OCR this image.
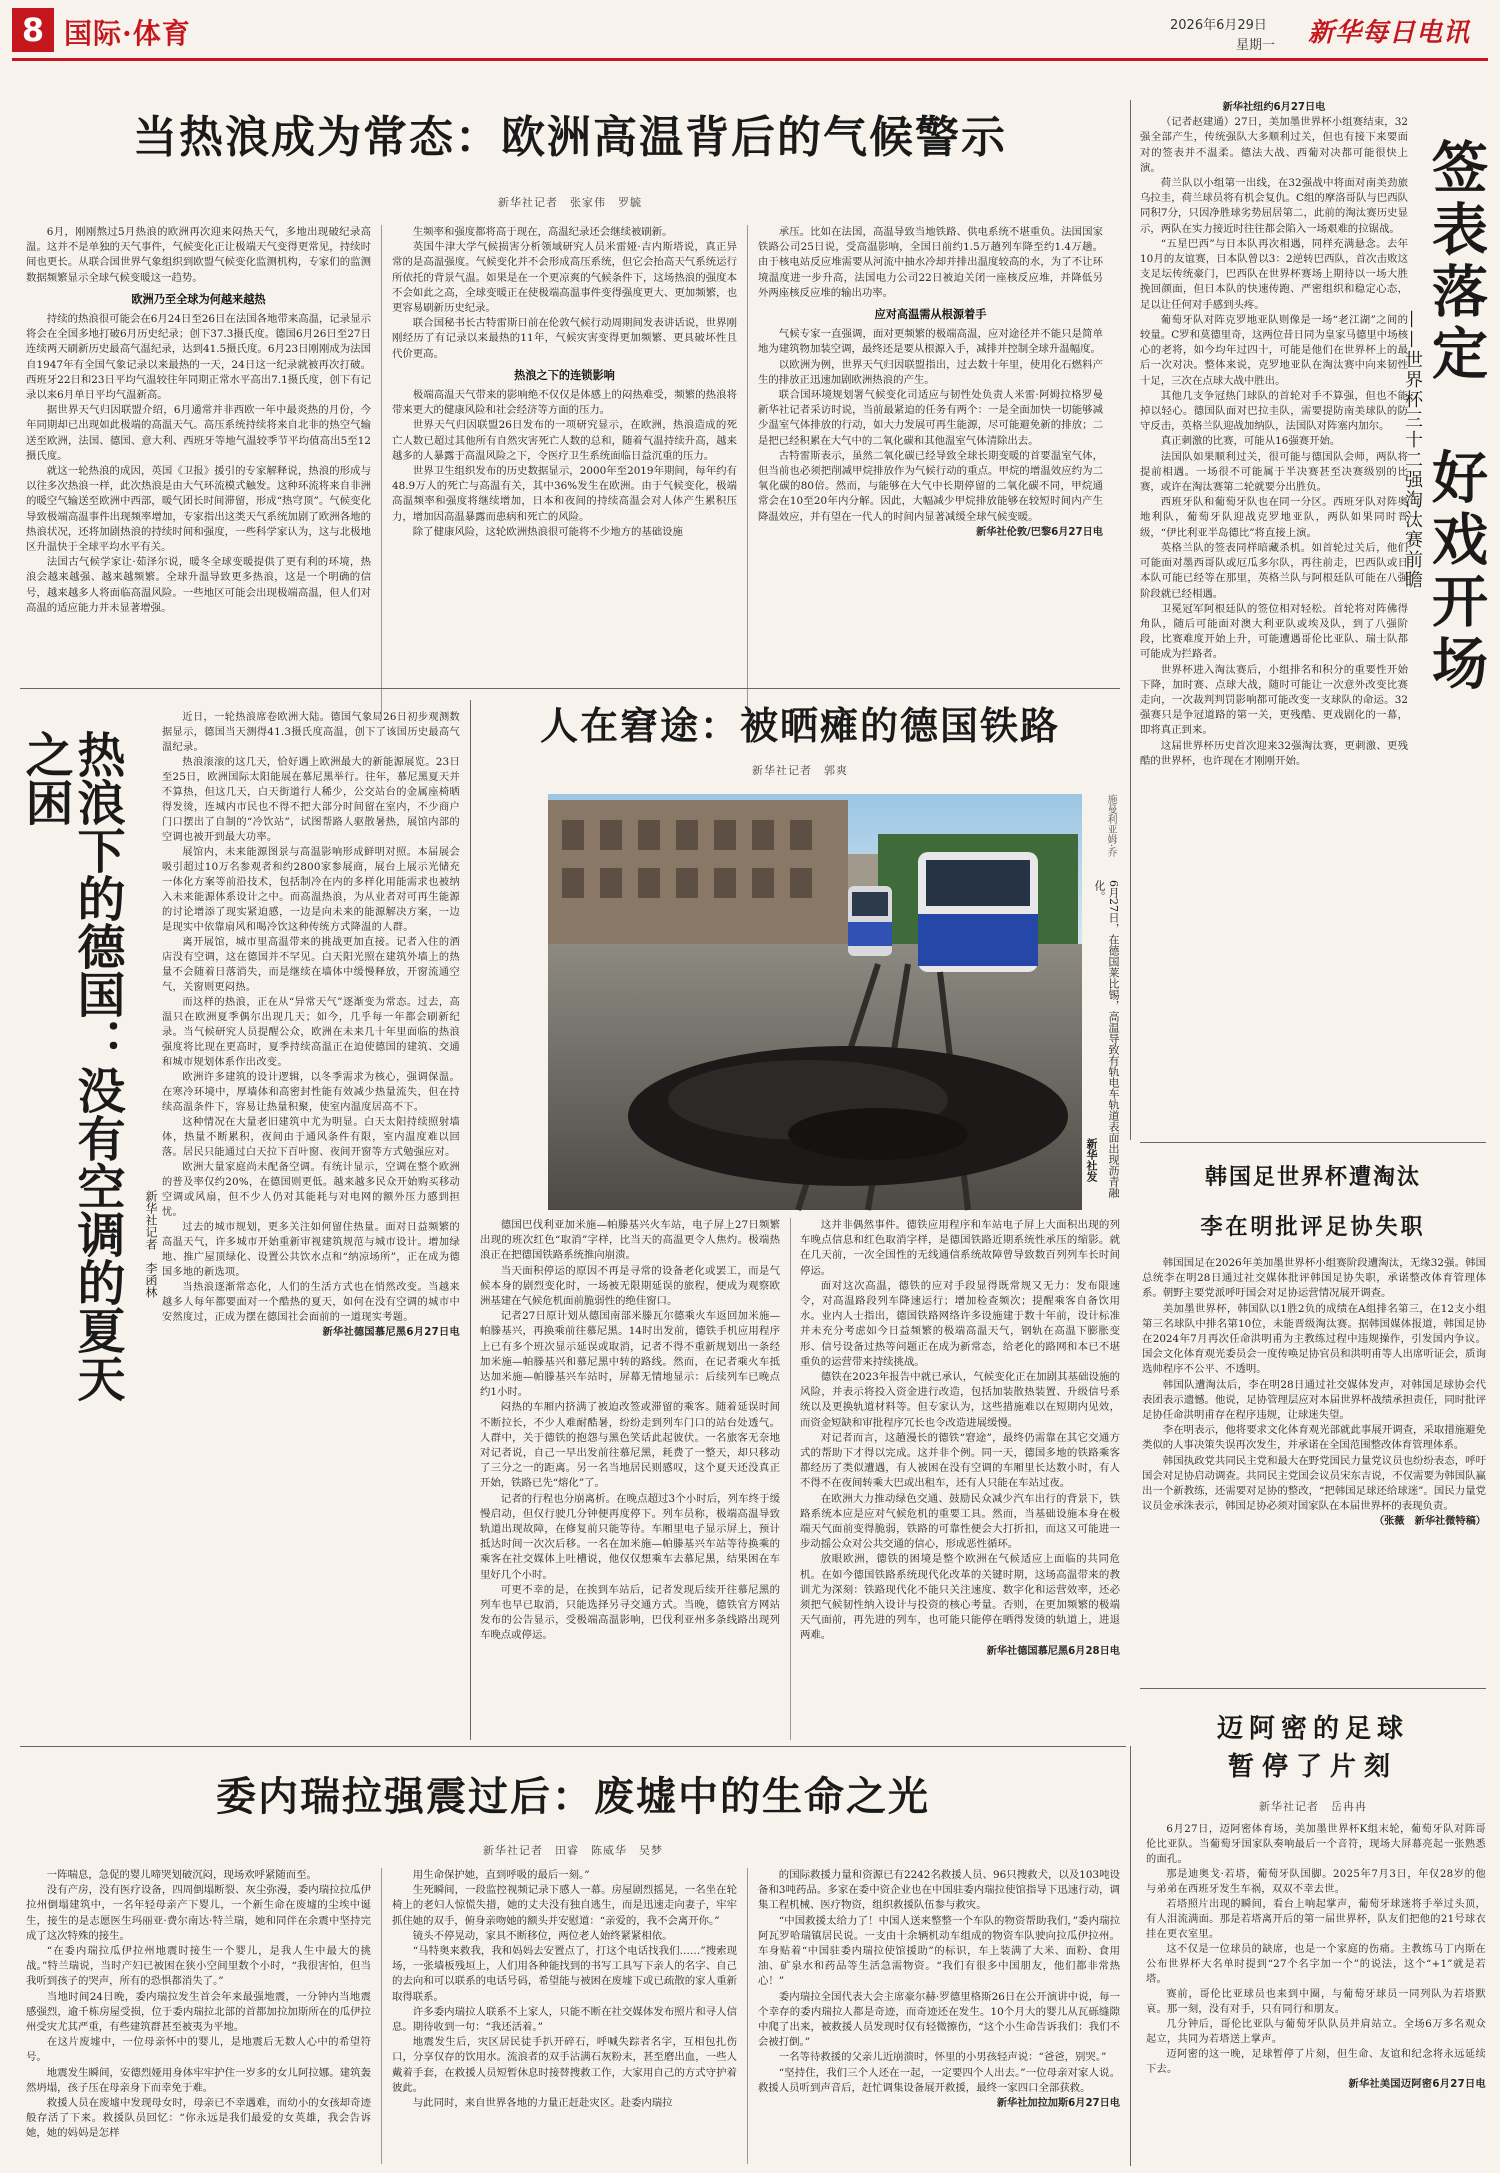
8 国际·体育	2026年6月29日
星期一 新华每日电讯
当热浪成为常态：欧洲高温背后的气候警示
新华社记者　张家伟　罗毓

6月，刚刚熬过5月热浪的欧洲再次迎来闷热天气，多地出现破纪录高温。这并不是单独的天气事件，气候变化正让极端天气变得更常见，持续时间也更长。从联合国世界气象组织到欧盟气候变化监测机构，专家们的监测数据频繁显示全球气候变暖这一趋势。

欧洲乃至全球为何越来越热

持续的热浪很可能会在6月24日至26日在法国各地带来高温，记录显示将会在全国多地打破6月历史纪录；创下37.3摄氏度。德国6月26日至27日连续两天刷新历史最高气温纪录，达到41.5摄氏度。6月23日刚刚成为法国自1947年有全国气象记录以来最热的一天，24日这一纪录就被再次打破。西班牙22日和23日平均气温较往年同期正常水平高出7.1摄氏度，创下有记录以来6月单日平均气温新高。

据世界天气归因联盟介绍，6月通常并非西欧一年中最炎热的月份，今年同期却已出现如此极端的高温天气。高压系统持续将来自北非的热空气输送至欧洲，法国、德国、意大利、西班牙等地气温较季节平均值高出5至12摄氏度。

就这一轮热浪的成因，英国《卫报》援引的专家解释说，热浪的形成与以往多次热浪一样，此次热浪是由大气环流模式触发。这种环流将来自非洲的暖空气输送至欧洲中西部，暖气团长时间滞留，形成“热穹顶”。气候变化导致极端高温事件出现频率增加，专家指出这类天气系统加剧了欧洲各地的热浪状况，还将加剧热浪的持续时间和强度，一些科学家认为，这与北极地区升温快于全球平均水平有关。

法国古气候学家让·茹泽尔说，暖冬全球变暖提供了更有利的环境，热浪会越来越强、越来越频繁。全球升温导致更多热浪，这是一个明确的信号，越来越多人将面临高温风险。一些地区可能会出现极端高温，但人们对高温的适应能力并未显著增强。

生频率和强度都将高于现在，高温纪录还会继续被刷新。

英国牛津大学气候损害分析领域研究人员米雷娅·吉内斯塔说，真正异常的是高温强度。气候变化并不会形成高压系统，但它会抬高天气系统运行所依托的背景气温。如果是在一个更凉爽的气候条件下，这场热浪的强度本不会如此之高，全球变暖正在使极端高温事件变得强度更大、更加频繁，也更容易刷新历史纪录。

联合国秘书长古特雷斯日前在伦敦气候行动周期间发表讲话说，世界刚刚经历了有记录以来最热的11年，气候灾害变得更加频繁、更具破坏性且代价更高。

热浪之下的连锁影响

极端高温天气带来的影响绝不仅仅是体感上的闷热难受，频繁的热浪将带来更大的健康风险和社会经济等方面的压力。

世界天气归因联盟26日发布的一项研究显示，在欧洲，热浪造成的死亡人数已超过其他所有自然灾害死亡人数的总和，随着气温持续升高，越来越多的人暴露于高温风险之下，令医疗卫生系统面临日益沉重的压力。

世界卫生组织发布的历史数据显示，2000年至2019年期间，每年约有48.9万人的死亡与高温有关，其中36%发生在欧洲。由于气候变化，极端高温频率和强度将继续增加，日本和夜间的持续高温会对人体产生累积压力，增加因高温暴露而患病和死亡的风险。

除了健康风险，这轮欧洲热浪很可能将不少地方的基础设施

承压。比如在法国，高温导致当地铁路、供电系统不堪重负。法国国家铁路公司25日说，受高温影响，全国日前约1.5万趟列车降至约1.4万趟。由于核电站反应堆需要从河流中抽水冷却并排出温度较高的水，为了不让环境温度进一步升高，法国电力公司22日被迫关闭一座核反应堆，并降低另外两座核反应堆的输出功率。

应对高温需从根源着手

气候专家一直强调，面对更频繁的极端高温，应对途径并不能只是简单地为建筑物加装空调，最终还是要从根源入手，减排并控制全球升温幅度。

以欧洲为例，世界天气归因联盟指出，过去数十年里，使用化石燃料产生的排放正迅速加剧欧洲热浪的产生。

联合国环境规划署气候变化司适应与韧性处负责人米雷·阿姆拉格罗曼新华社记者采访时说，当前最紧迫的任务有两个：一是全面加快一切能够减少温室气体排放的行动，如大力发展可再生能源，尽可能避免新的排放；二是把已经积累在大气中的二氧化碳和其他温室气体清除出去。

古特雷斯表示，虽然二氧化碳已经导致全球长期变暖的首要温室气体，但当前也必须把削减甲烷排放作为气候行动的重点。甲烷的增温效应约为二氧化碳的80倍。然而，与能够在大气中长期停留的二氧化碳不同，甲烷通常会在10至20年内分解。因此，大幅减少甲烷排放能够在较短时间内产生降温效应，并有望在一代人的时间内显著减缓全球气候变暖。

新华社伦敦/巴黎6月27日电

新华社纽约6月27日电

（记者赵建通）27日，美加墨世界杯小组赛结束，32强全部产生，传统强队大多顺利过关，但也有接下来要面对的签表并不温柔。德法大战、西葡对决都可能很快上演。

荷兰队以小组第一出线，在32强战中将面对南美劲旅乌拉圭，荷兰球员将有机会复仇。C组的摩洛哥队与巴西队同积7分，只因净胜球劣势屈居第二，此前的淘汰赛历史显示，两队在实力接近时往往都会陷入一场艰难的拉锯战。

“五星巴西”与日本队再次相遇，同样充满悬念。去年10月的友谊赛，日本队曾以3：2逆转巴西队，首次击败这支足坛传统豪门，巴西队在世界杯赛场上期待以一场大胜挽回颜面，但日本队的快速传跑、严密组织和稳定心态，足以让任何对手感到头疼。

葡萄牙队对阵克罗地亚队则像是一场“老江湖”之间的较量。C罗和莫德里奇，这两位昔日同为皇家马德里中场核心的老将，如今均年过四十，可能是他们在世界杯上的最后一次对决。整体来说，克罗地亚队在淘汰赛中向来韧性十足，三次在点球大战中胜出。

其他几支争冠热门球队的首轮对手不算强，但也不能掉以轻心。德国队面对巴拉圭队，需要提防南美球队的防守反击，英格兰队迎战加纳队，法国队对阵塞内加尔。

真正刺激的比赛，可能从16强赛开始。

法国队如果顺利过关，很可能与德国队会师，两队将提前相遇。一场很不可能属于半决赛甚至决赛级别的比赛，或许在淘汰赛第二轮就要分出胜负。

西班牙队和葡萄牙队也在同一分区。西班牙队对阵奥地利队，葡萄牙队迎战克罗地亚队，两队如果同时晋级，“伊比利亚半岛德比”将直接上演。

英格兰队的签表同样暗藏杀机。如首轮过关后，他们可能面对墨西哥队或厄瓜多尔队，再往前走，巴西队或日本队可能已经等在那里，英格兰队与阿根廷队可能在八强阶段就已经相遇。

卫冕冠军阿根廷队的签位相对轻松。首轮将对阵佛得角队，随后可能面对澳大利亚队或埃及队，到了八强阶段，比赛难度开始上升，可能遭遇哥伦比亚队、瑞士队都可能成为拦路者。

世界杯进入淘汰赛后，小组排名和积分的重要性开始下降，加时赛、点球大战，随时可能让一次意外改变比赛走向，一次裁判判罚影响都可能改变一支球队的命运。32强赛只是争冠道路的第一关，更残酷、更戏剧化的一幕，即将真正到来。

这届世界杯历史首次迎来32强淘汰赛，更刺激、更残酷的世界杯，也许现在才刚刚开始。

签表落定　好戏开场
——世界杯三十二强淘汰赛前瞻
热浪下的德国：没有空调的夏天之困
新华社记者　李函林

近日，一轮热浪席卷欧洲大陆。德国气象局26日初步观测数据显示，德国当天测得41.3摄氏度高温，创下了该国历史最高气温纪录。

热浪滚滚的这几天，恰好遇上欧洲最大的新能源展览。23日至25日，欧洲国际太阳能展在慕尼黑举行。往年，慕尼黑夏天并不算热，但这几天，白天街道行人稀少，公交站台的金属座椅晒得发烫，连城内市民也不得不把大部分时间留在室内，不少商户门口摆出了自制的“冷饮站”，试图帮路人驱散暑热，展馆内部的空调也被开到最大功率。

展馆内，未来能源图景与高温影响形成鲜明对照。本届展会吸引超过10万名参观者和约2800家参展商，展台上展示光储充一体化方案等前沿技术，包括制冷在内的多样化用能需求也被纳入未来能源体系设计之中。而高温热浪，为从业者对可再生能源的讨论增添了现实紧迫感，一边是向未来的能源解决方案，一边是现实中依靠扇风和喝冷饮这种传统方式降温的人群。

离开展馆，城市里高温带来的挑战更加直接。记者入住的酒店没有空调，这在德国并不罕见。白天阳光照在建筑外墙上的热量不会随着日落消失，而是继续在墙体中缓慢释放，开窗流通空气，关窗则更闷热。

而这样的热浪，正在从“异常天气”逐渐变为常态。过去，高温只在欧洲夏季偶尔出现几天；如今，几乎每一年都会刷新纪录。当气候研究人员提醒公众，欧洲在未来几十年里面临的热浪强度将比现在更高时，夏季持续高温正在迫使德国的建筑、交通和城市规划体系作出改变。

欧洲许多建筑的设计逻辑，以冬季需求为核心，强调保温。在寒冷环境中，厚墙体和高密封性能有效减少热量流失，但在持续高温条件下，容易让热量积聚，使室内温度居高不下。

这种情况在大量老旧建筑中尤为明显。白天太阳持续照射墙体，热量不断累积，夜间由于通风条件有限，室内温度难以回落。居民只能通过白天拉下百叶窗、夜间开窗等方式勉强应对。

欧洲大量家庭尚未配备空调。有统计显示，空调在整个欧洲的普及率仅约20%，在德国则更低。越来越多民众开始购买移动空调或风扇，但不少人仍对其能耗与对电网的额外压力感到担忧。

过去的城市规划，更多关注如何留住热量。面对日益频繁的高温天气，许多城市开始重新审视建筑规范与城市设计。增加绿地、推广屋顶绿化、设置公共饮水点和“纳凉场所”，正在成为德国多地的新选项。

当热浪逐渐常态化，人们的生活方式也在悄然改变。当越来越多人每年都要面对一个酷热的夏天，如何在没有空调的城市中安然度过，正成为摆在德国社会面前的一道现实考题。

新华社德国慕尼黑6月27日电

人在窘途：被晒瘫的德国铁路
新华社记者　郭爽
6月27日，在德国莱比锡，高温导致有轨电车轨道表面出现沥青融化。
新华社发
施曼利亚姆·乔

德国巴伐利亚加米施—帕滕基兴火车站，电子屏上27日频繁出现的班次红色“取消”字样，比当天的高温更令人焦灼。极端热浪正在把德国铁路系统推向崩溃。

当天面积停运的原因不再是寻常的设备老化或罢工，而是气候本身的剧烈变化时，一场被无限期延误的旅程，便成为观察欧洲基建在气候危机面前脆弱性的绝佳窗口。

记者27日原计划从德国南部米滕瓦尔德乘火车返回加米施—帕滕基兴，再换乘前往慕尼黑。14时出发前，德铁手机应用程序上已有多个班次显示延误或取消，记者不得不重新规划出一条经加米施—帕滕基兴和慕尼黑中转的路线。然而，在记者乘火车抵达加米施—帕滕基兴车站时，屏幕无情地显示：后续列车已晚点约1小时。

闷热的车厢内挤满了被迫改签或滞留的乘客。随着延误时间不断拉长，不少人难耐酷暑，纷纷走到列车门口的站台处透气。人群中，关于德铁的抱怨与黑色笑话此起彼伏。一名旅客无奈地对记者说，自己一早出发前往慕尼黑，耗费了一整天，却只移动了三分之一的距离。另一名当地居民则感叹，这个夏天还没真正开始，铁路已先“熔化”了。

记者的行程也分崩离析。在晚点超过3个小时后，列车终于缓慢启动，但仅行驶几分钟便再度停下。列车员称，极端高温导致轨道出现故障，在修复前只能等待。车厢里电子显示屏上，预计抵达时间一次次后移。一名在加米施—帕滕基兴车站等待换乘的乘客在社交媒体上吐槽说，他仅仅想乘车去慕尼黑，结果困在车里好几个小时。

可更不幸的是，在挨到车站后，记者发现后续开往慕尼黑的列车也早已取消，只能选择另寻交通方式。当晚，德铁官方网站发布的公告显示，受极端高温影响，巴伐利亚州多条线路出现列车晚点或停运。

这并非偶然事件。德铁应用程序和车站电子屏上大面积出现的列车晚点信息和红色取消字样，是德国铁路近期系统性承压的缩影。就在几天前，一次全国性的无线通信系统故障曾导致数百列列车长时间停运。

面对这次高温，德铁的应对手段显得既常规又无力：发布限速令，对高温路段列车降速运行；增加检查频次；提醒乘客自备饮用水。业内人士指出，德国铁路网络许多设施建于数十年前，设计标准并未充分考虑如今日益频繁的极端高温天气，钢轨在高温下膨胀变形、信号设备过热等问题正在成为新常态，给老化的路网和本已不堪重负的运营带来持续挑战。

德铁在2023年报告中就已承认，气候变化正在加剧其基础设施的风险，并表示将投入资金进行改造，包括加装散热装置、升级信号系统以及更换轨道材料等。但专家认为，这些措施难以在短期内见效，而资金短缺和审批程序冗长也令改造进展缓慢。

对记者而言，这趟漫长的德铁“窘途”，最终仍需靠在其它交通方式的帮助下才得以完成。这并非个例。同一天，德国多地的铁路乘客都经历了类似遭遇，有人被困在没有空调的车厢里长达数小时，有人不得不在夜间转乘大巴或出租车，还有人只能在车站过夜。

在欧洲大力推动绿色交通、鼓励民众减少汽车出行的背景下，铁路系统本应是应对气候危机的重要工具。然而，当基础设施本身在极端天气面前变得脆弱，铁路的可靠性便会大打折扣，而这又可能进一步动摇公众对公共交通的信心，形成恶性循环。

放眼欧洲，德铁的困境是整个欧洲在气候适应上面临的共同危机。在如今德国铁路系统现代化改革的关键时期，这场高温带来的教训尤为深刻：铁路现代化不能只关注速度、数字化和运营效率，还必须把气候韧性纳入设计与投资的核心考量。否则，在更加频繁的极端天气面前，再先进的列车，也可能只能停在晒得发烫的轨道上，进退两难。

新华社德国慕尼黑6月28日电

韩国足世界杯遭淘汰
李在明批评足协失职

韩国国足在2026年美加墨世界杯小组赛阶段遭淘汰，无缘32强。韩国总统李在明28日通过社交媒体批评韩国足协失职，承诺整改体育管理体系。朝野主要党派呼吁国会对足协运营情况展开调查。

美加墨世界杯，韩国队以1胜2负的成绩在A组排名第三，在12支小组第三名球队中排名第10位，未能晋级淘汰赛。据韩国媒体报道，韩国足协在2024年7月再次任命洪明甫为主教练过程中违规操作，引发国内争议。国会文化体育观光委员会一度传唤足协官员和洪明甫等人出席听证会，质询选帅程序不公平、不透明。

韩国队遭淘汰后，李在明28日通过社交媒体发声，对韩国足球协会代表团表示遗憾。他说，足协管理层应对本届世界杯战绩承担责任，同时批评足协任命洪明甫存在程序违规，让球迷失望。

李在明表示，他将要求文化体育观光部就此事展开调查，采取措施避免类似的人事决策失误再次发生，并承诺在全国范围整改体育管理体系。

韩国执政党共同民主党和最大在野党国民力量党议员也纷纷表态，呼吁国会对足协启动调查。共同民主党国会议员宋东吉说，不仅需要为韩国队赢出一个新教练，还需要对足协的整改，“把韩国足球还给球迷”。国民力量党议员金承洙表示，韩国足协必须对国家队在本届世界杯的表现负责。

（张薇　新华社微特稿）

迈阿密的足球
暂停了片刻
新华社记者　岳冉冉

6月27日，迈阿密体育场，美加墨世界杯K组末轮，葡萄牙队对阵哥伦比亚队。当葡萄牙国家队奏响最后一个音符，现场大屏幕亮起一张熟悉的面孔。

那是迪奥戈·若塔，葡萄牙队国脚。2025年7月3日，年仅28岁的他与弟弟在西班牙发生车祸，双双不幸去世。

若塔照片出现的瞬间，看台上响起掌声，葡萄牙球迷将手举过头顶，有人泪流满面。那是若塔离开后的第一届世界杯，队友们把他的21号球衣挂在更衣室里。

这不仅是一位球员的缺席，也是一个家庭的伤痛。主教练马丁内斯在公布世界杯大名单时提到“27个名字加一个”的说法，这个“+1”就是若塔。

赛前，哥伦比亚球员也来到中圈，与葡萄牙球员一同列队为若塔默哀。那一刻，没有对手，只有同行和朋友。

几分钟后，哥伦比亚队与葡萄牙队队员并肩站立。全场6万多名观众起立，共同为若塔送上掌声。

迈阿密的这一晚，足球暂停了片刻，但生命、友谊和纪念将永远延续下去。

新华社美国迈阿密6月27日电

委内瑞拉强震过后：废墟中的生命之光
新华社记者　田睿　陈威华　吴梦

一阵喘息，急促的婴儿啼哭划破沉闷，现场欢呼紧随而至。

没有产房，没有医疗设备，四周倒塌断裂、灰尘弥漫，委内瑞拉拉瓜伊拉州倒塌建筑中，一名年轻母亲产下婴儿，一个新生命在废墟的尘埃中诞生，接生的是志愿医生玛丽亚·费尔南达·特兰瑞，她和同伴在余震中坚持完成了这次特殊的接生。

“在委内瑞拉瓜伊拉州地震时接生一个婴儿，是我人生中最大的挑战。”特兰瑞说，当时产妇已被困在狭小空间里数个小时，“我很害怕，但当我听到孩子的哭声，所有的恐惧都消失了。”

当地时间24日晚，委内瑞拉发生首会年来最强地震，一分钟内当地震感强烈，逾千栋房屋受损，位于委内瑞拉北部的首都加拉加斯所在的瓜伊拉州受灾尤其严重，有些建筑群甚至被夷为平地。

在这片废墟中，一位母亲怀中的婴儿，是地震后无数人心中的希望符号。

地震发生瞬间，安德烈娅用身体牢牢护住一岁多的女儿阿拉娜。建筑轰然坍塌，孩子压在母亲身下而幸免于难。

救援人员在废墟中发现母女时，母亲已不幸遇难，而幼小的女孩却奇迹般存活了下来。救援队员回忆：“你永远是我们最爱的女英雄，我会告诉她，她的妈妈是怎样

用生命保护她，直到呼吸的最后一刻。”

生死瞬间，一段监控视频记录下感人一幕。房屋剧烈摇晃，一名坐在轮椅上的老妇人惊慌失措，她的丈夫没有独自逃生，而是迅速走向妻子，牢牢抓住她的双手，俯身亲吻她的额头并安慰道：“亲爱的，我不会离开你。”

镜头不停晃动，家具不断移位，两位老人始终紧紧相依。

“马特奥来救我，我和妈妈去安置点了，打这个电话找我们……”搜索现场，一张墙板残垣上，人们用各种能找到的书写工具写下亲人的名字、自己的去向和可以联系的电话号码，希望能与被困在废墟下或已疏散的家人重新取得联系。

许多委内瑞拉人联系不上家人，只能不断在社交媒体发布照片和寻人信息。期待收到一句：“我还活着。”

地震发生后，灾区居民徒手扒开碎石，呼喊失踪者名字，互相包扎伤口，分享仅存的饮用水。流浪者的双手沾满石灰粉末，甚至磨出血，一些人戴着手套，在救援人员短暂休息时接替搜救工作，大家用自己的方式守护着彼此。

与此同时，来自世界各地的力量正赶赴灾区。赴委内瑞拉

的国际救援力量和资源已有2242名救援人员、96只搜救犬，以及103吨设备和3吨药品。多家在委中资企业也在中国驻委内瑞拉使馆指导下迅速行动，调集工程机械、医疗物资，组织救援队伍参与救灾。

“中国救援太给力了！中国人送来整整一个车队的物资帮助我们，”委内瑞拉阿瓦罗哈瑞镇居民说。一支由十余辆机动车组成的物资车队驶向拉瓜伊拉州。车身贴着“中国驻委内瑞拉使馆援助”的标识，车上装满了大米、面粉、食用油、矿泉水和药品等生活急需物资。“我们有很多中国朋友，他们都非常热心！”

委内瑞拉全国代表大会主席豪尔赫·罗德里格斯26日在公开演讲中说，每一个幸存的委内瑞拉人都是奇迹，而奇迹还在发生。10个月大的婴儿从瓦砾缝隙中爬了出来，被救援人员发现时仅有轻微擦伤，“这个小生命告诉我们：我们不会被打倒。”

一名等待救援的父亲儿近崩溃时，怀里的小男孩轻声说：“爸爸，别哭。”

“坚持住，我们三个人还在一起，一定要四个人出去。”一位母亲对家人说。救援人员听到声音后，赶忙调集设备展开救援，最终一家四口全部获救。

新华社加拉加斯6月27日电
